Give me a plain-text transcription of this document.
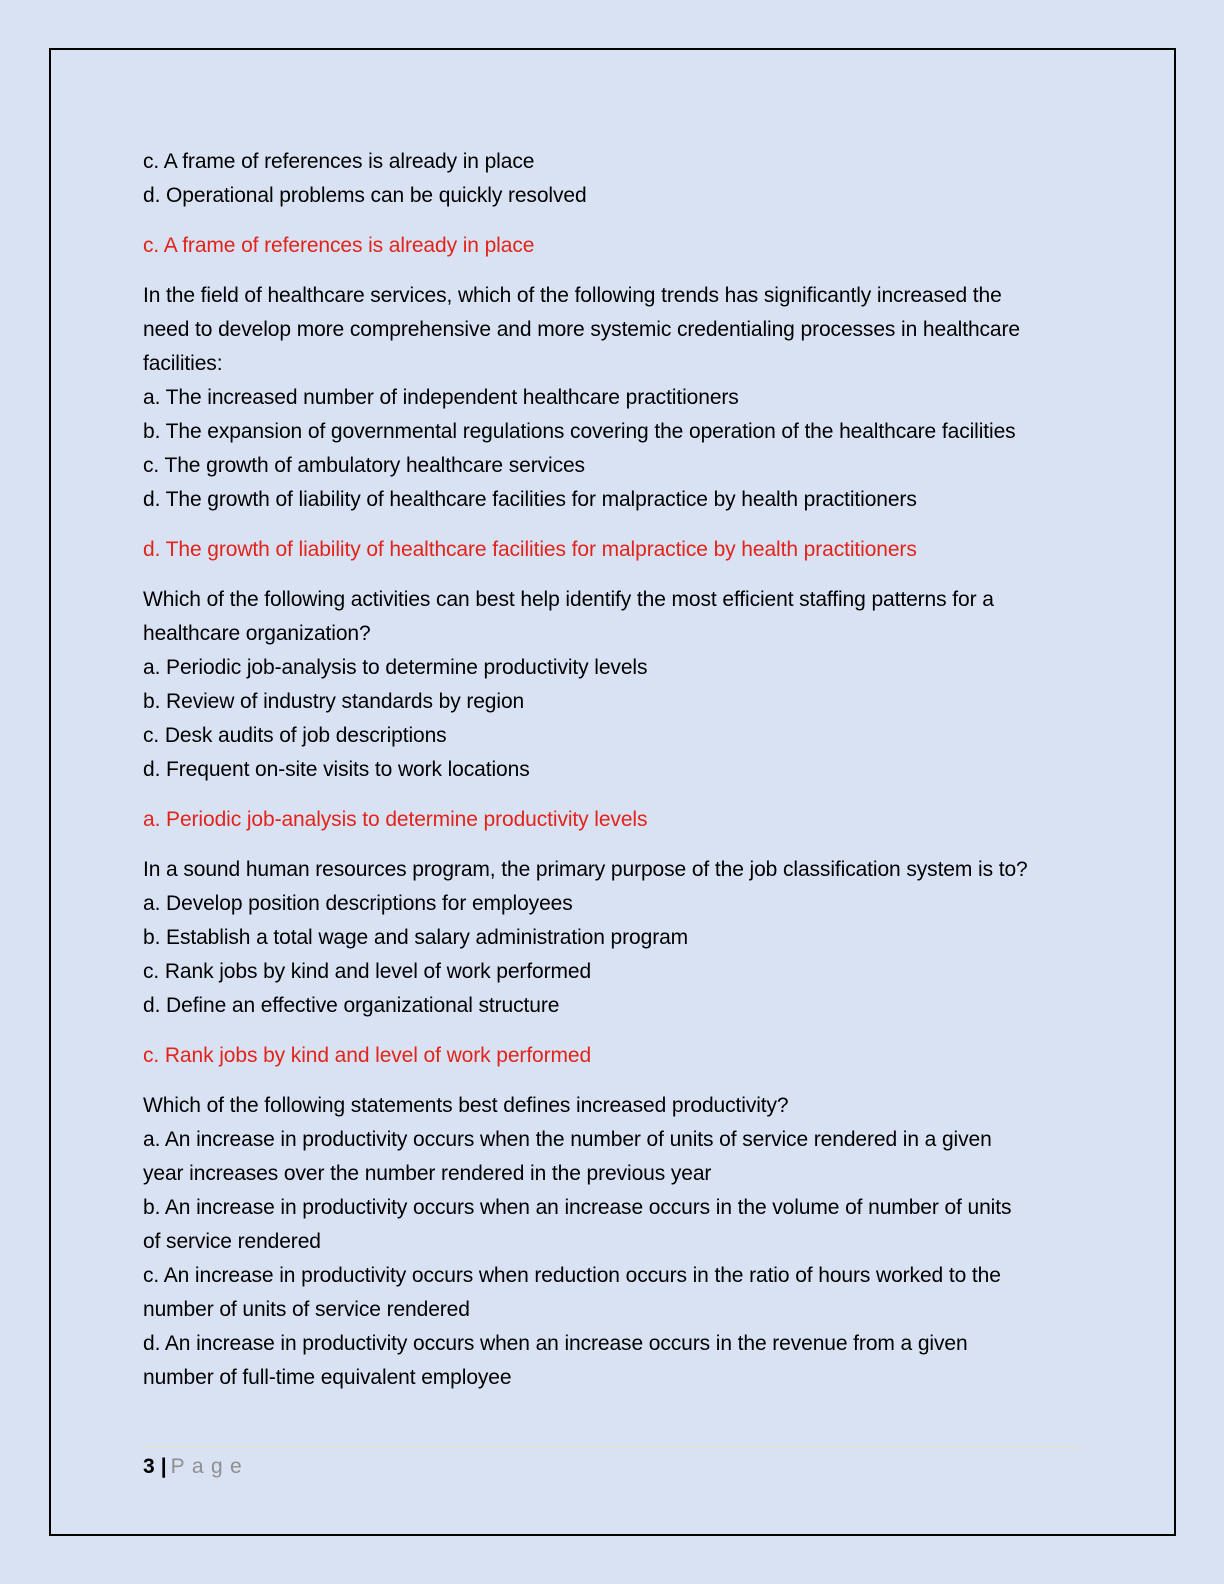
c. A frame of references is already in place
d. Operational problems can be quickly resolved

c. A frame of references is already in place

In the field of healthcare services, which of the following trends has significantly increased the
need to develop more comprehensive and more systemic credentialing processes in healthcare
facilities:
a. The increased number of independent healthcare practitioners
b. The expansion of governmental regulations covering the operation of the healthcare facilities
c. The growth of ambulatory healthcare services
d. The growth of liability of healthcare facilities for malpractice by health practitioners

d. The growth of liability of healthcare facilities for malpractice by health practitioners

Which of the following activities can best help identify the most efficient staffing patterns for a
healthcare organization?
a. Periodic job-analysis to determine productivity levels
b. Review of industry standards by region
c. Desk audits of job descriptions
d. Frequent on-site visits to work locations

a. Periodic job-analysis to determine productivity levels

In a sound human resources program, the primary purpose of the job classification system is to?
a. Develop position descriptions for employees
b. Establish a total wage and salary administration program
c. Rank jobs by kind and level of work performed
d. Define an effective organizational structure

c. Rank jobs by kind and level of work performed

Which of the following statements best defines increased productivity?
a. An increase in productivity occurs when the number of units of service rendered in a given
year increases over the number rendered in the previous year
b. An increase in productivity occurs when an increase occurs in the volume of number of units
of service rendered
c. An increase in productivity occurs when reduction occurs in the ratio of hours worked to the
number of units of service rendered
d. An increase in productivity occurs when an increase occurs in the revenue from a given
number of full-time equivalent employee

3 | Page
